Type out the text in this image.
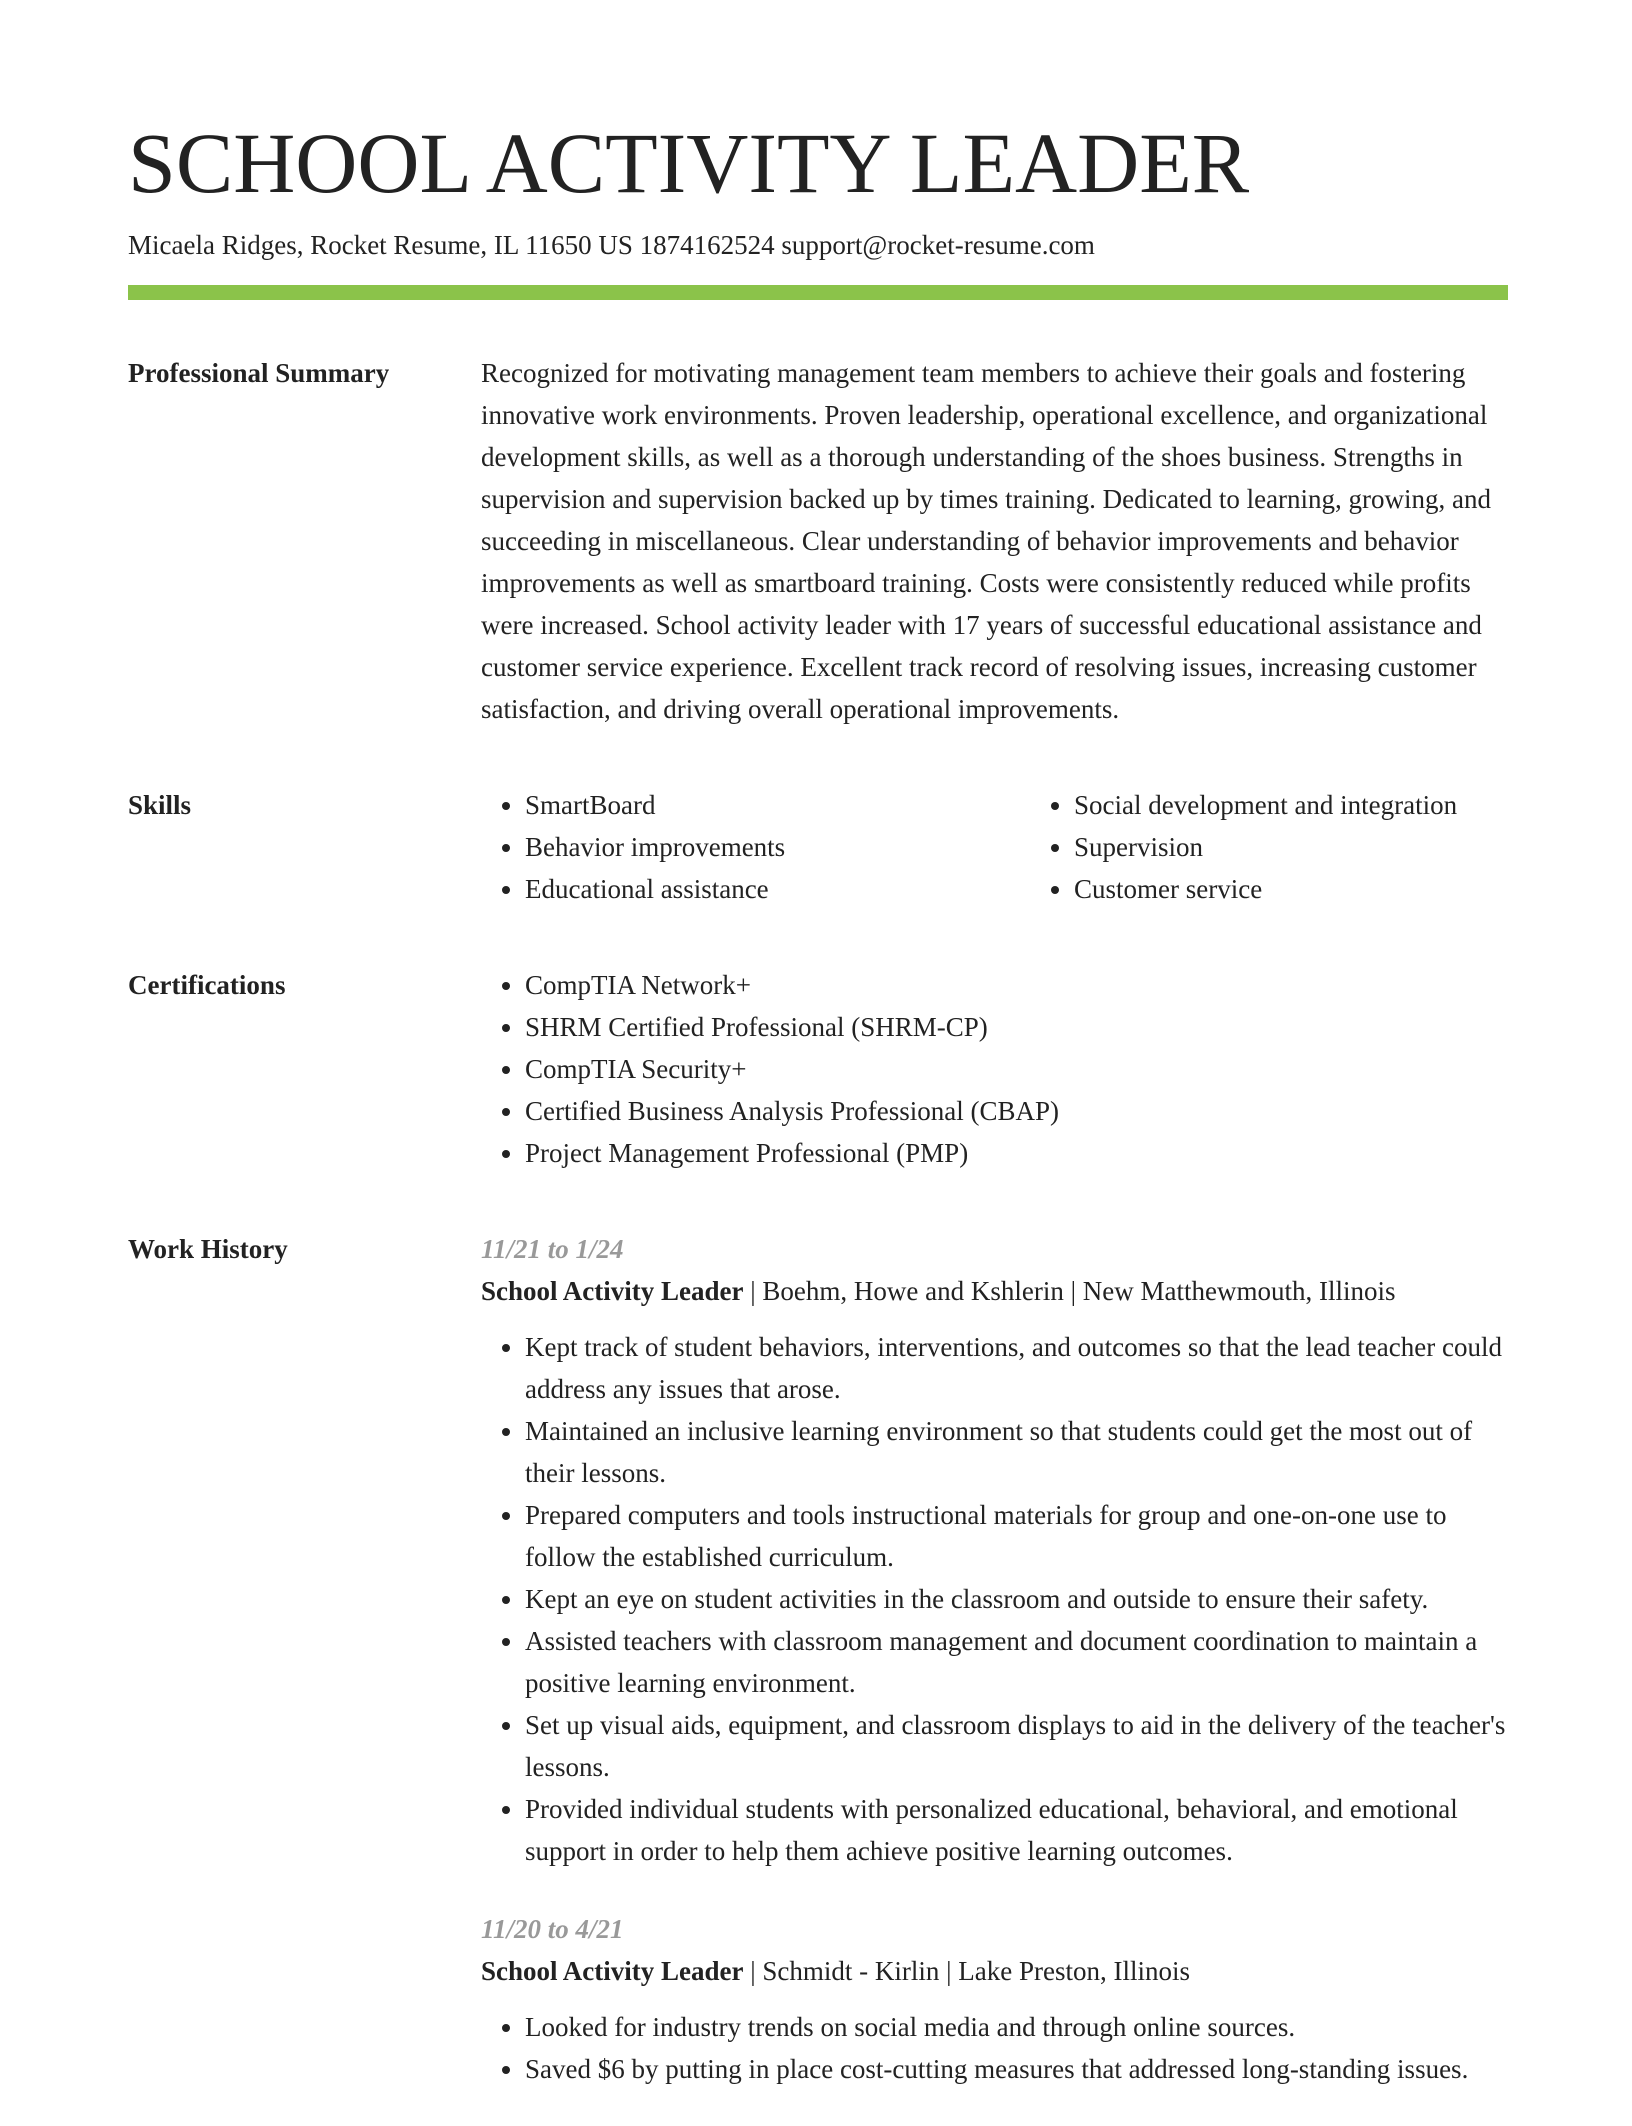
SCHOOL ACTIVITY LEADER
Micaela Ridges, Rocket Resume, IL 11650 US 1874162524 support@rocket-resume.com
Professional Summary	Recognized for motivating management team members to achieve their goals and fostering innovative work environments. Proven leadership, operational excellence, and organizational development skills, as well as a thorough understanding of the shoes business. Strengths in supervision and supervision backed up by times training. Dedicated to learning, growing, and succeeding in miscellaneous. Clear understanding of behavior improvements and behavior improvements as well as smartboard training. Costs were consistently reduced while profits were increased. School activity leader with 17 years of successful educational assistance and customer service experience. Excellent track record of resolving issues, increasing customer satisfaction, and driving overall operational improvements.

Skills	• SmartBoard
• Behavior improvements
• Educational assistance
• Social development and integration
• Supervision
• Customer service
Certifications	• CompTIA Network+
• SHRM Certified Professional (SHRM-CP)
• CompTIA Security+
• Certified Business Analysis Professional (CBAP)
• Project Management Professional (PMP)
Work History	11/21 to 1/24
School Activity Leader | Boehm, Howe and Kshlerin | New Matthewmouth, Illinois
• Kept track of student behaviors, interventions, and outcomes so that the lead teacher could address any issues that arose.
• Maintained an inclusive learning environment so that students could get the most out of their lessons.
• Prepared computers and tools instructional materials for group and one-on-one use to follow the established curriculum.
• Kept an eye on student activities in the classroom and outside to ensure their safety.
• Assisted teachers with classroom management and document coordination to maintain a positive learning environment.
• Set up visual aids, equipment, and classroom displays to aid in the delivery of the teacher's lessons.
• Provided individual students with personalized educational, behavioral, and emotional support in order to help them achieve positive learning outcomes.
11/20 to 4/21
School Activity Leader | Schmidt - Kirlin | Lake Preston, Illinois
• Looked for industry trends on social media and through online sources.
• Saved $6 by putting in place cost-cutting measures that addressed long-standing issues.
